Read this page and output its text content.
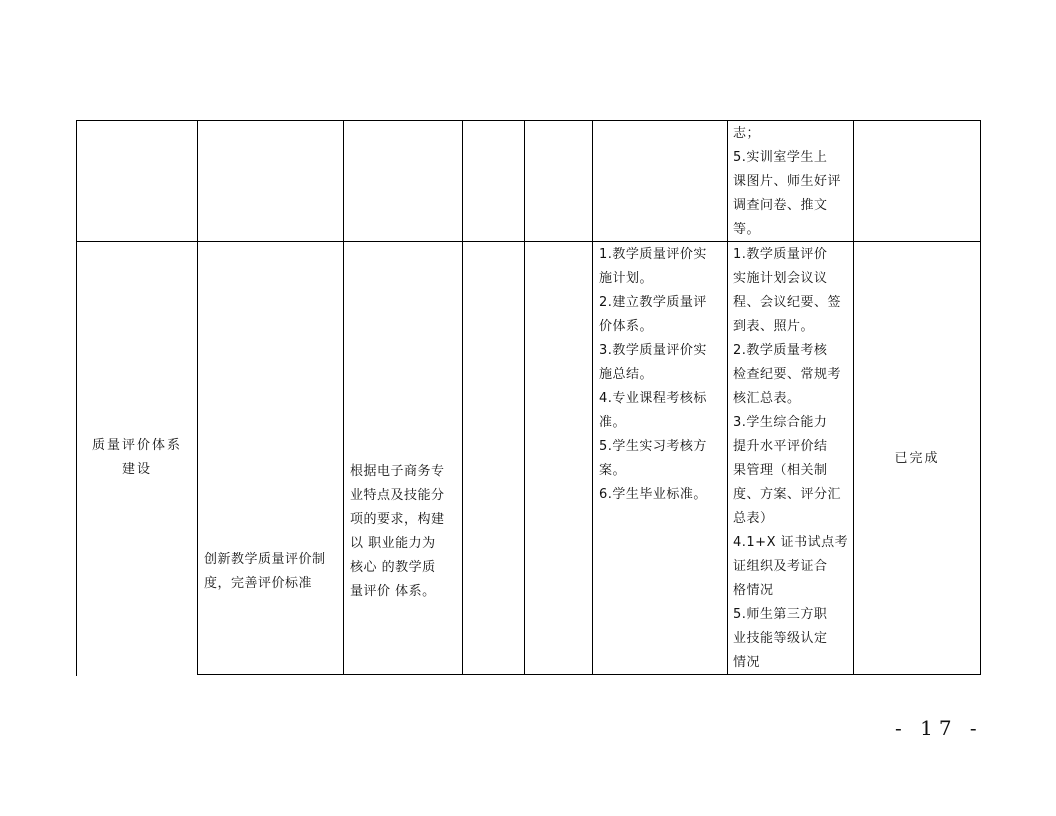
志；
5.实训室学生上
课图片、师生好评
调查问卷、推文
等。
质量评价体系
建设
创新教学质量评价制
度，完善评价标准
根据电子商务专
业特点及技能分
项的要求，构建
以 职业能力为
核心 的教学质
量评价 体系。
1.教学质量评价实
施计划。
2.建立教学质量评
价体系。
3.教学质量评价实
施总结。
4.专业课程考核标
准。
5.学生实习考核方
案。
6.学生毕业标准。
1.教学质量评价
实施计划会议议
程、会议纪要、签
到表、照片。
2.教学质量考核
检查纪要、常规考
核汇总表。
3.学生综合能力
提升水平评价结
果管理（相关制
度、方案、评分汇
总表）
4.1+X 证书试点考
证组织及考证合
格情况
5.师生第三方职
业技能等级认定
情况
已完成
- 17 -
